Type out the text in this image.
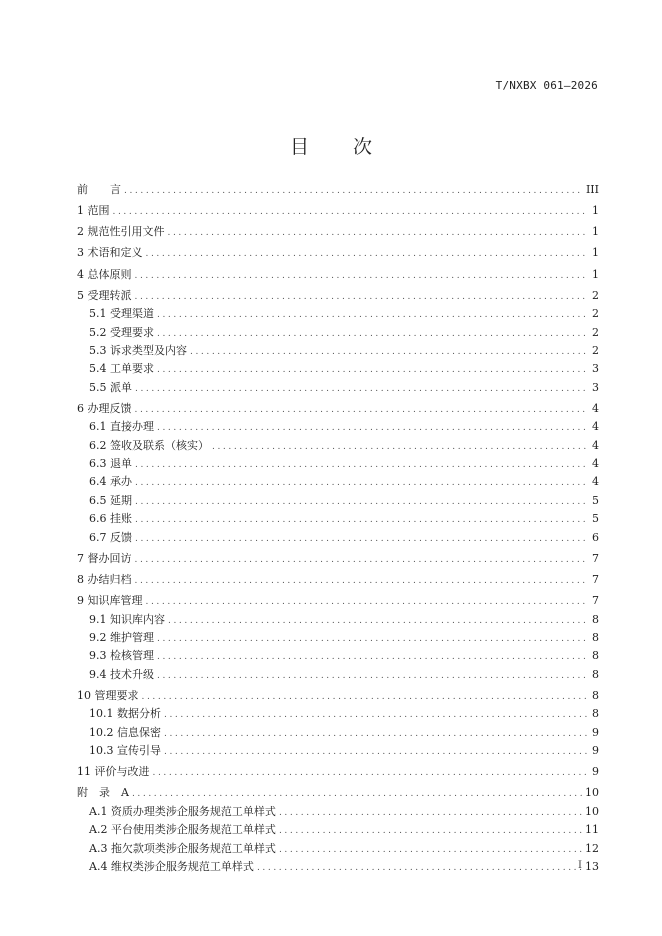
T/NXBX 061—2026
目 次
前　　言 .....	III
1 范围 .....	1
2 规范性引用文件 .....	1
3 术语和定义 .....	1
4 总体原则 .....	1
5 受理转派 .....	2
5.1 受理渠道 .....	2
5.2 受理要求 .....	2
5.3 诉求类型及内容 .....	2
5.4 工单要求 .....	3
5.5 派单 .....	3
6 办理反馈 .....	4
6.1 直接办理 .....	4
6.2 签收及联系（核实） .....	4
6.3 退单 .....	4
6.4 承办 .....	4
6.5 延期 .....	5
6.6 挂账 .....	5
6.7 反馈 .....	6
7 督办回访 .....	7
8 办结归档 .....	7
9 知识库管理 .....	7
9.1 知识库内容 .....	8
9.2 维护管理 .....	8
9.3 检核管理 .....	8
9.4 技术升级 .....	8
10 管理要求 .....	8
10.1 数据分析 .....	8
10.2 信息保密 .....	9
10.3 宣传引导 .....	9
11 评价与改进 .....	9
附　录　A .....	10
A.1 资质办理类涉企服务规范工单样式 .....	10
A.2 平台使用类涉企服务规范工单样式 .....	11
A.3 拖欠款项类涉企服务规范工单样式 .....	12
A.4 维权类涉企服务规范工单样式 .....	13
I
